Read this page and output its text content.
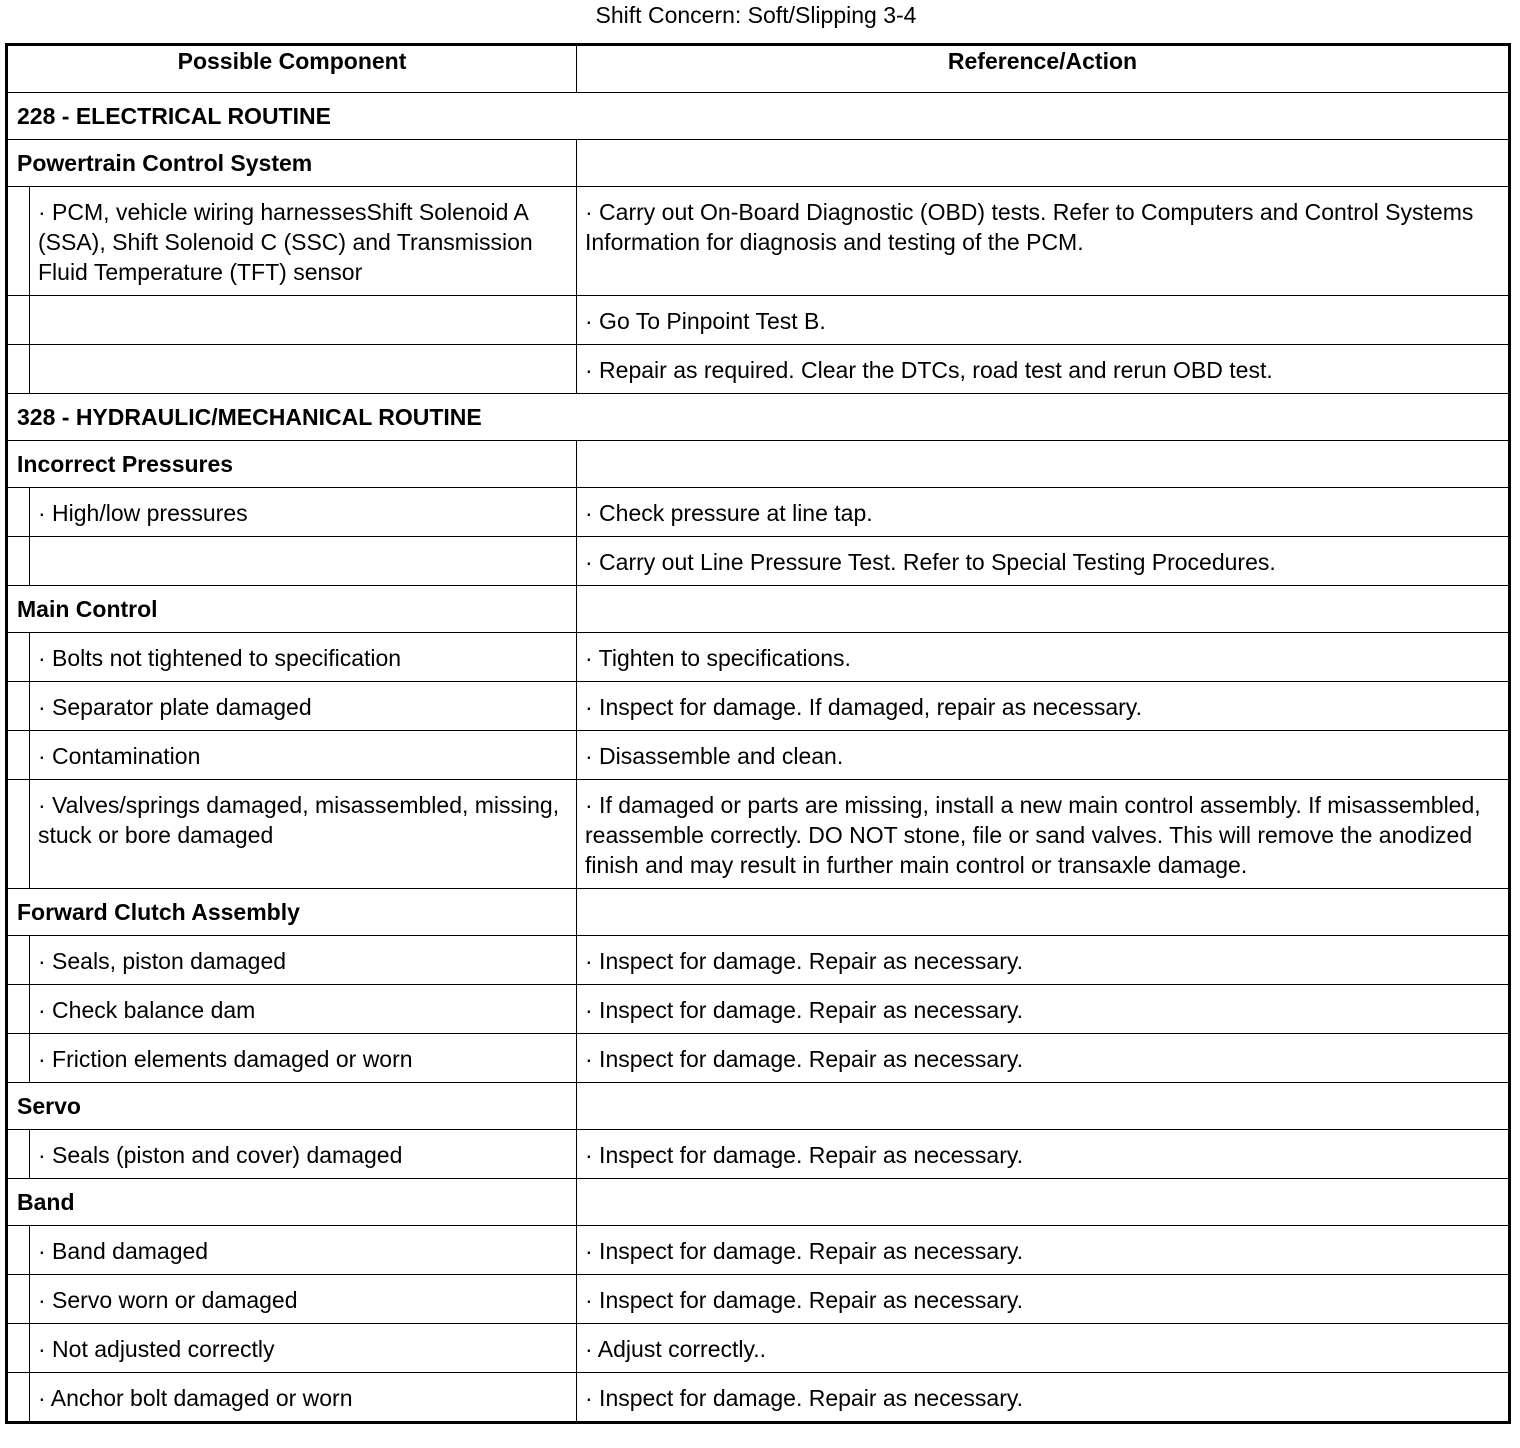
Shift Concern: Soft/Slipping 3-4
Possible Component		Reference/Action
228 - ELECTRICAL ROUTINE		
Powertrain Control System		
	· PCM, vehicle wiring harnessesShift Solenoid A (SSA), Shift Solenoid C (SSC) and Transmission Fluid Temperature (TFT) sensor	· Carry out On-Board Diagnostic (OBD) tests. Refer to Computers and Control Systems Information for diagnosis and testing of the PCM.
		· Go To Pinpoint Test B.
		· Repair as required. Clear the DTCs, road test and rerun OBD test.
328 - HYDRAULIC/MECHANICAL ROUTINE		
Incorrect Pressures		
	· High/low pressures	· Check pressure at line tap.
		· Carry out Line Pressure Test. Refer to Special Testing Procedures.
Main Control		
	· Bolts not tightened to specification	· Tighten to specifications.
	· Separator plate damaged	· Inspect for damage. If damaged, repair as necessary.
	· Contamination	· Disassemble and clean.
	· Valves/springs damaged, misassembled, missing, stuck or bore damaged	· If damaged or parts are missing, install a new main control assembly. If misassembled, reassemble correctly. DO NOT stone, file or sand valves. This will remove the anodized finish and may result in further main control or transaxle damage.
Forward Clutch Assembly		
	· Seals, piston damaged	· Inspect for damage. Repair as necessary.
	· Check balance dam	· Inspect for damage. Repair as necessary.
	· Friction elements damaged or worn	· Inspect for damage. Repair as necessary.
Servo		
	· Seals (piston and cover) damaged	· Inspect for damage. Repair as necessary.
Band		
	· Band damaged	· Inspect for damage. Repair as necessary.
	· Servo worn or damaged	· Inspect for damage. Repair as necessary.
	· Not adjusted correctly	· Adjust correctly..
	· Anchor bolt damaged or worn	· Inspect for damage. Repair as necessary.
